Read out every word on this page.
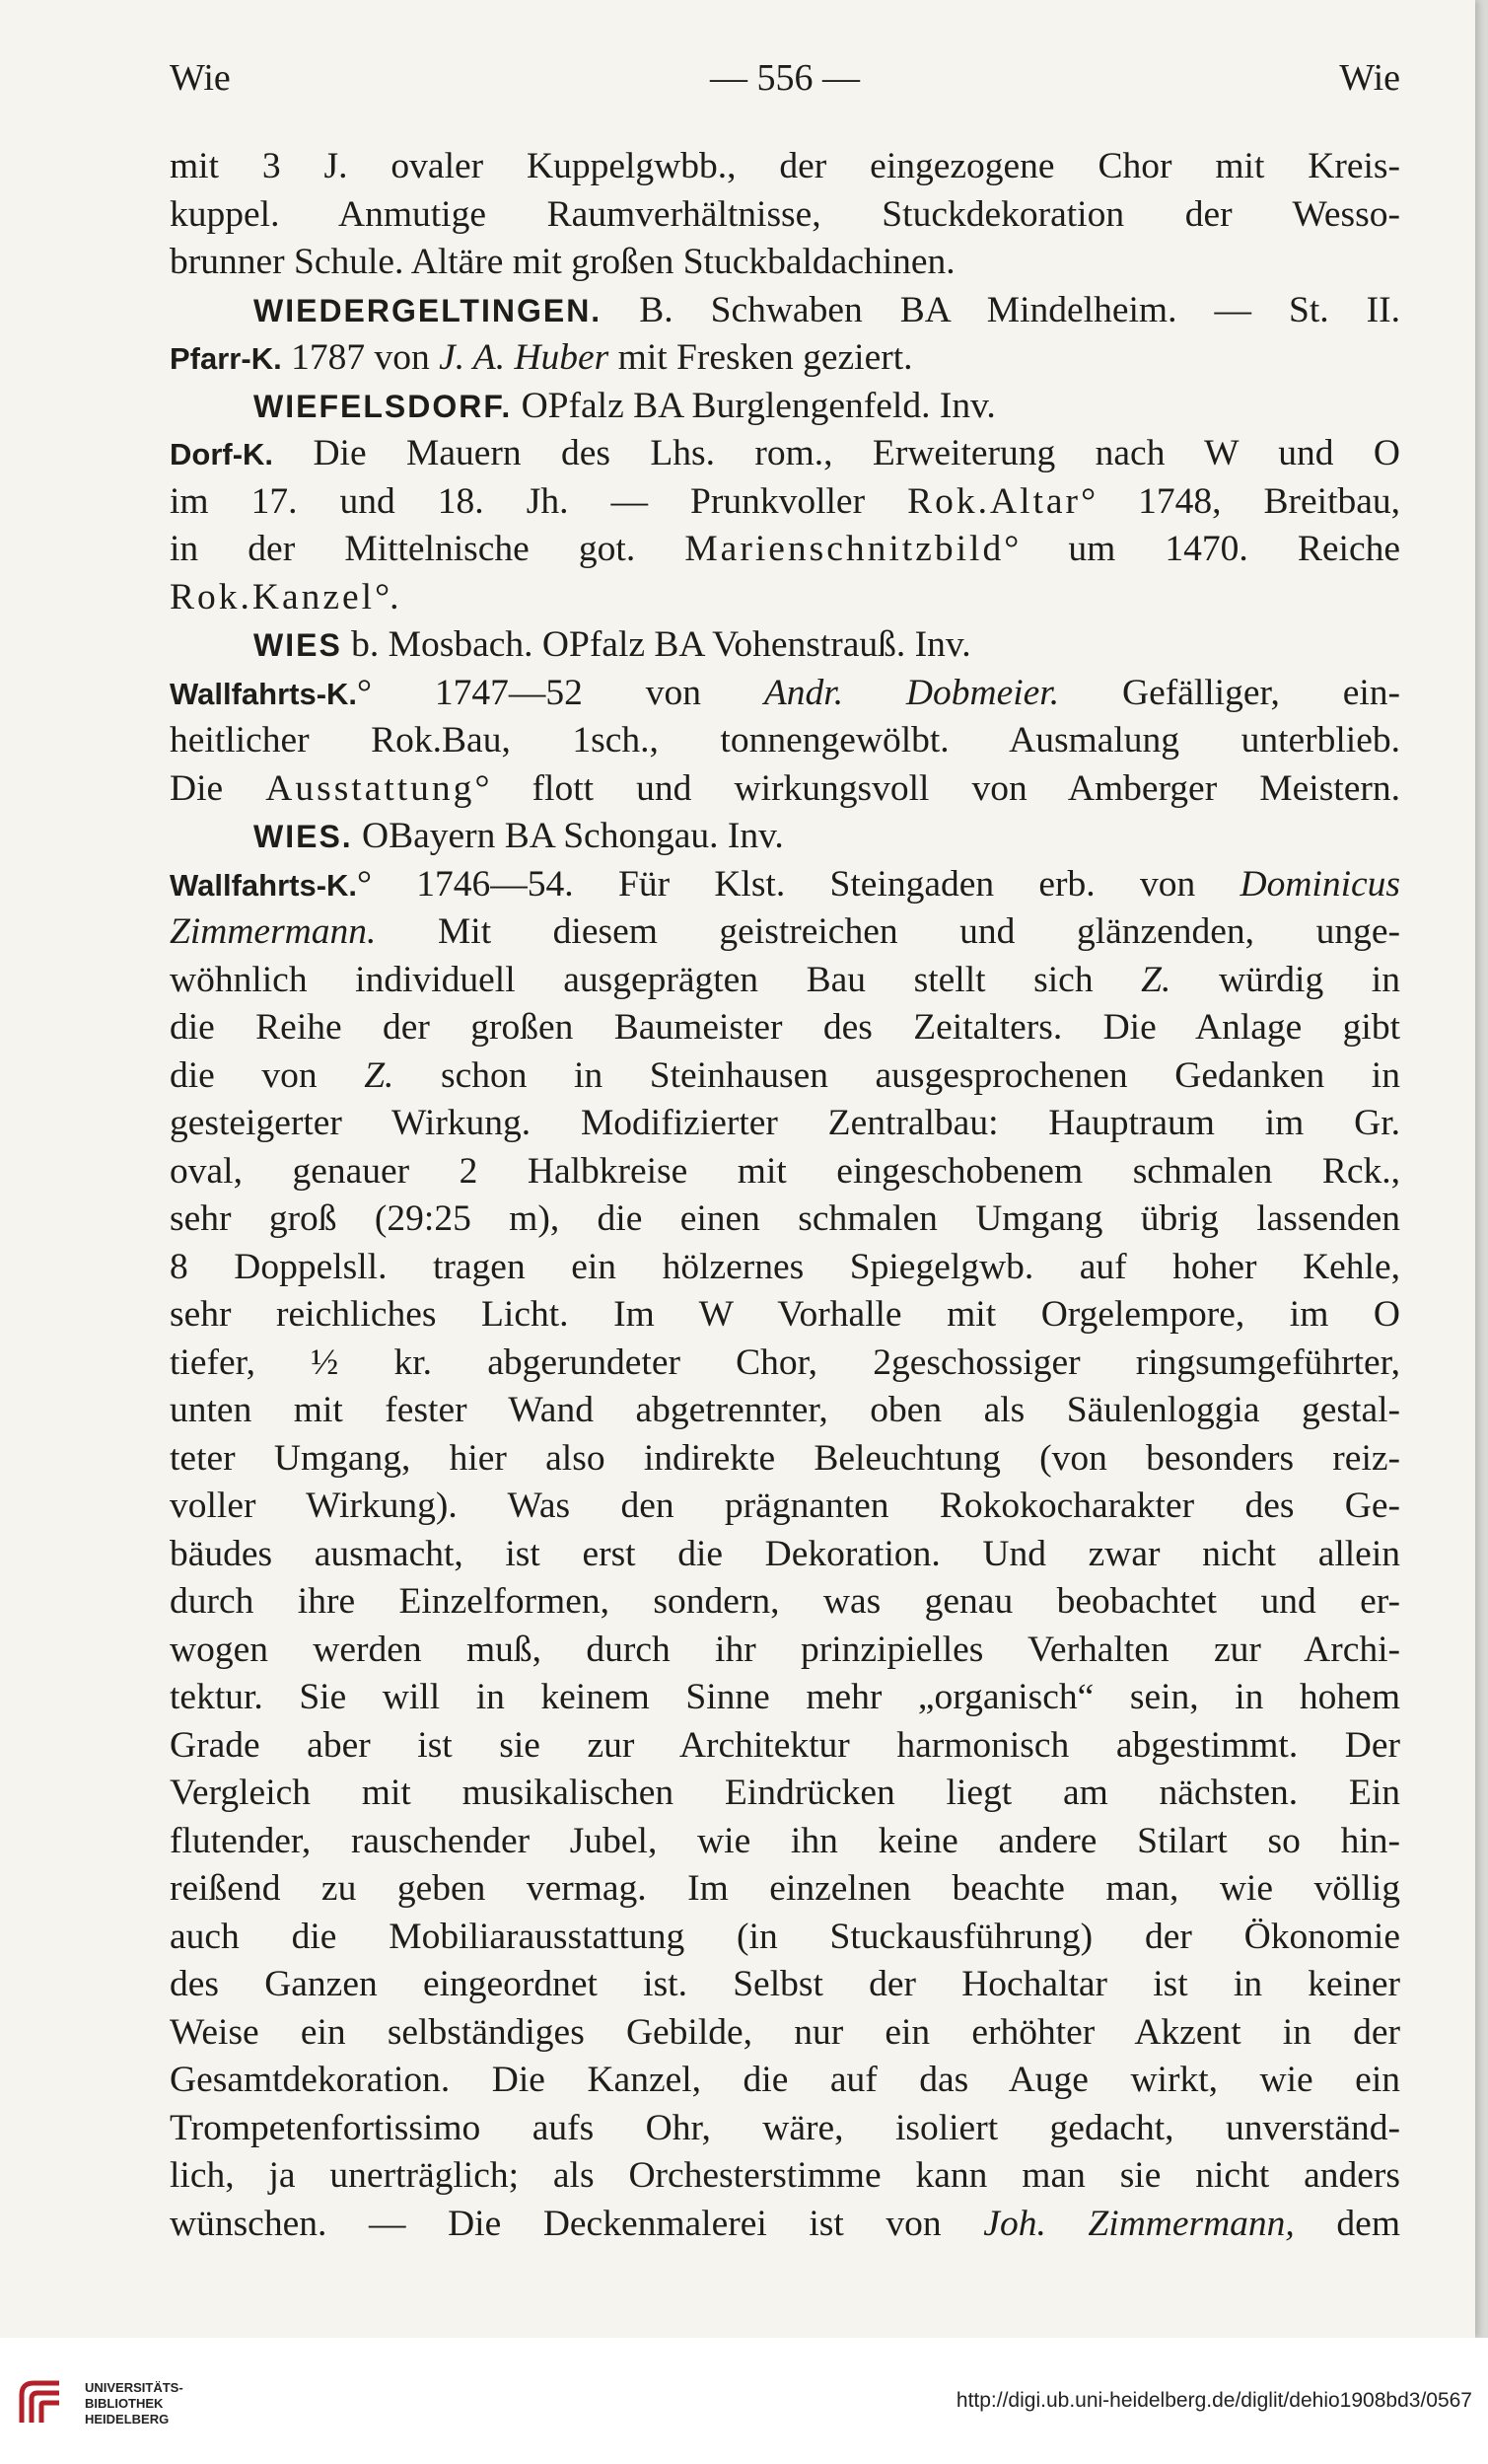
Wie	— 556 —	Wie
mit 3 J. ovaler Kuppelgwbb., der eingezogene Chor mit Kreis-
kuppel. Anmutige Raumverhältnisse, Stuckdekoration der Wesso-
brunner Schule. Altäre mit großen Stuckbaldachinen.
WIEDERGELTINGEN. B. Schwaben BA Mindelheim. — St. II.
Pfarr-K. 1787 von J. A. Huber mit Fresken geziert.
WIEFELSDORF. OPfalz BA Burglengenfeld. Inv.
Dorf-K. Die Mauern des Lhs. rom., Erweiterung nach W und O
im 17. und 18. Jh. — Prunkvoller Rok.Altar° 1748, Breitbau,
in der Mittelnische got. Marienschnitzbild° um 1470. Reiche
Rok.Kanzel°.
WIES b. Mosbach. OPfalz BA Vohenstrauß. Inv.
Wallfahrts-K.° 1747—52 von Andr. Dobmeier. Gefälliger, ein-
heitlicher Rok.Bau, 1sch., tonnengewölbt. Ausmalung unterblieb.
Die Ausstattung° flott und wirkungsvoll von Amberger Meistern.
WIES. OBayern BA Schongau. Inv.
Wallfahrts-K.° 1746—54. Für Klst. Steingaden erb. von Dominicus
Zimmermann. Mit diesem geistreichen und glänzenden, unge-
wöhnlich individuell ausgeprägten Bau stellt sich Z. würdig in
die Reihe der großen Baumeister des Zeitalters. Die Anlage gibt
die von Z. schon in Steinhausen ausgesprochenen Gedanken in
gesteigerter Wirkung. Modifizierter Zentralbau: Hauptraum im Gr.
oval, genauer 2 Halbkreise mit eingeschobenem schmalen Rck.,
sehr groß (29:25 m), die einen schmalen Umgang übrig lassenden
8 Doppelsll. tragen ein hölzernes Spiegelgwb. auf hoher Kehle,
sehr reichliches Licht. Im W Vorhalle mit Orgelempore, im O
tiefer, ½ kr. abgerundeter Chor, 2geschossiger ringsumgeführter,
unten mit fester Wand abgetrennter, oben als Säulenloggia gestal-
teter Umgang, hier also indirekte Beleuchtung (von besonders reiz-
voller Wirkung). Was den prägnanten Rokokocharakter des Ge-
bäudes ausmacht, ist erst die Dekoration. Und zwar nicht allein
durch ihre Einzelformen, sondern, was genau beobachtet und er-
wogen werden muß, durch ihr prinzipielles Verhalten zur Archi-
tektur. Sie will in keinem Sinne mehr „organisch“ sein, in hohem
Grade aber ist sie zur Architektur harmonisch abgestimmt. Der
Vergleich mit musikalischen Eindrücken liegt am nächsten. Ein
flutender, rauschender Jubel, wie ihn keine andere Stilart so hin-
reißend zu geben vermag. Im einzelnen beachte man, wie völlig
auch die Mobiliarausstattung (in Stuckausführung) der Ökonomie
des Ganzen eingeordnet ist. Selbst der Hochaltar ist in keiner
Weise ein selbständiges Gebilde, nur ein erhöhter Akzent in der
Gesamtdekoration. Die Kanzel, die auf das Auge wirkt, wie ein
Trompetenfortissimo aufs Ohr, wäre, isoliert gedacht, unverständ-
lich, ja unerträglich; als Orchesterstimme kann man sie nicht anders
wünschen. — Die Deckenmalerei ist von Joh. Zimmermann, dem
UNIVERSITÄTS-
BIBLIOTHEK
HEIDELBERG
http://digi.ub.uni-heidelberg.de/diglit/dehio1908bd3/0567
